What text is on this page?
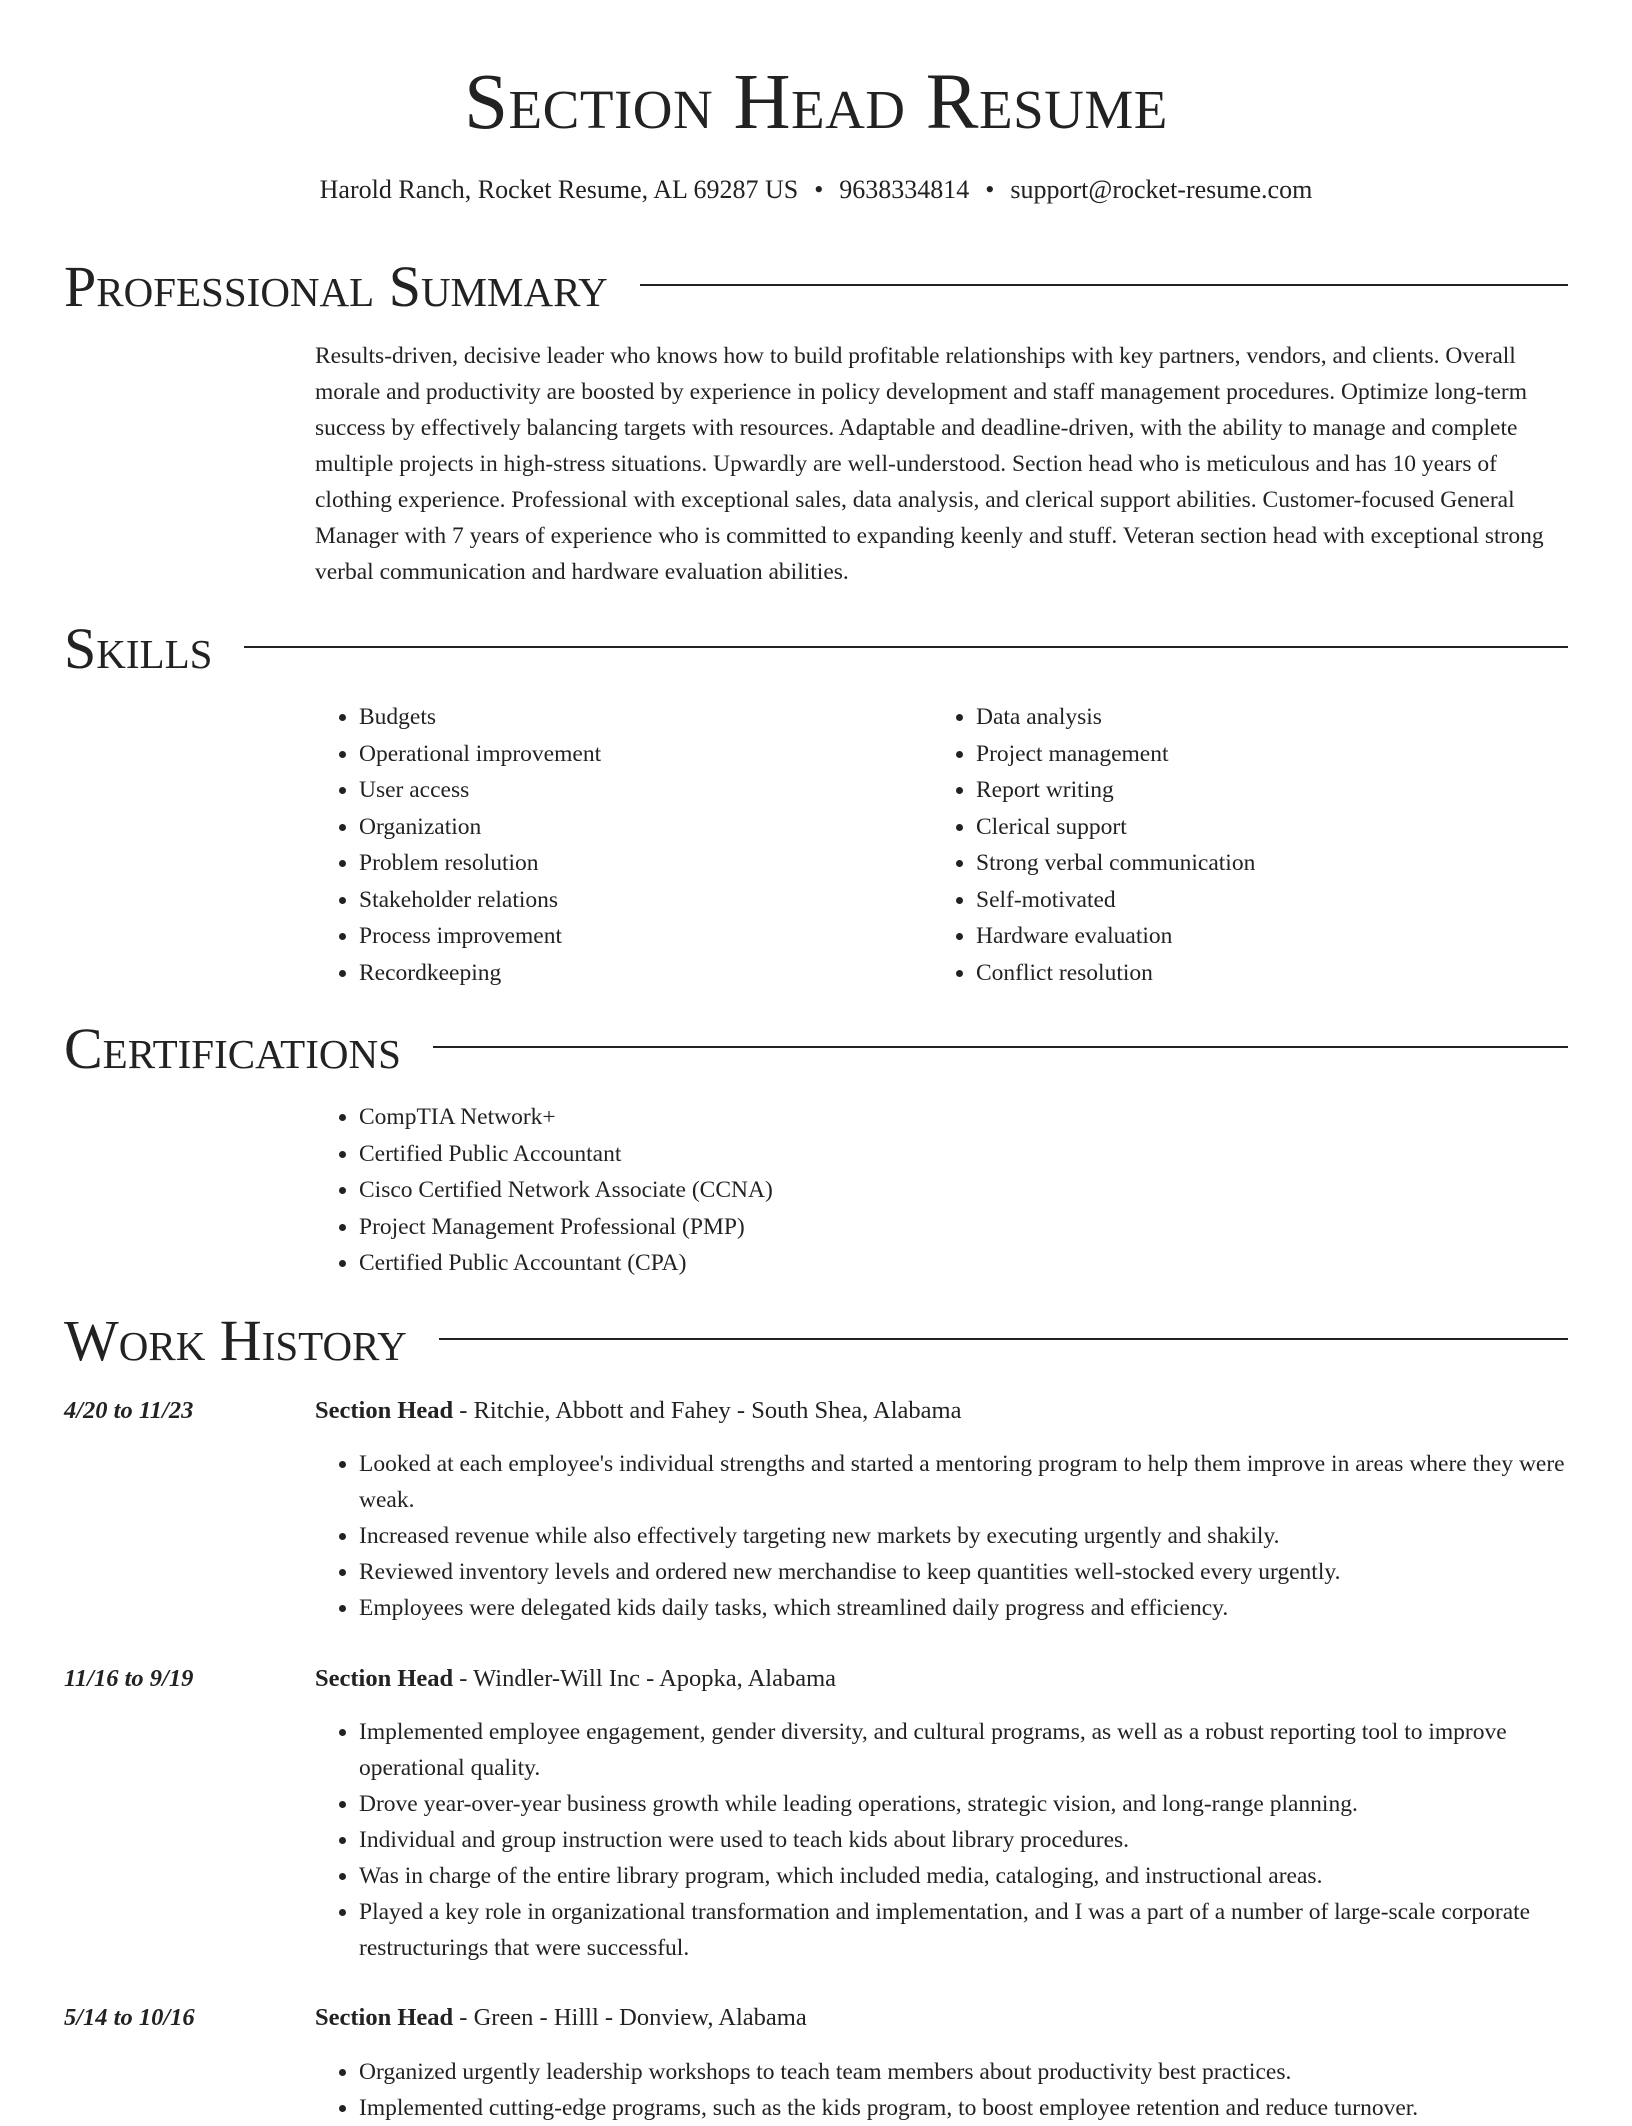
Section Head Resume
Harold Ranch, Rocket Resume, AL 69287 US • 9638334814 • support@rocket-resume.com
Professional Summary

Results-driven, decisive leader who knows how to build profitable relationships with key partners, vendors, and clients. Overall morale and productivity are boosted by experience in policy development and staff management procedures. Optimize long-term success by effectively balancing targets with resources. Adaptable and deadline-driven, with the ability to manage and complete multiple projects in high-stress situations. Upwardly are well-understood. Section head who is meticulous and has 10 years of clothing experience. Professional with exceptional sales, data analysis, and clerical support abilities. Customer-focused General Manager with 7 years of experience who is committed to expanding keenly and stuff. Veteran section head with exceptional strong verbal communication and hardware evaluation abilities.

Skills
• Budgets
• Operational improvement
• User access
• Organization
• Problem resolution
• Stakeholder relations
• Process improvement
• Recordkeeping
• Data analysis
• Project management
• Report writing
• Clerical support
• Strong verbal communication
• Self-motivated
• Hardware evaluation
• Conflict resolution
Certifications
• CompTIA Network+
• Certified Public Accountant
• Cisco Certified Network Associate (CCNA)
• Project Management Professional (PMP)
• Certified Public Accountant (CPA)
Work History
4/20 to 11/23	Section Head - Ritchie, Abbott and Fahey - South Shea, Alabama
• Looked at each employee's individual strengths and started a mentoring program to help them improve in areas where they were weak.
• Increased revenue while also effectively targeting new markets by executing urgently and shakily.
• Reviewed inventory levels and ordered new merchandise to keep quantities well-stocked every urgently.
• Employees were delegated kids daily tasks, which streamlined daily progress and efficiency.
11/16 to 9/19	Section Head - Windler-Will Inc - Apopka, Alabama
• Implemented employee engagement, gender diversity, and cultural programs, as well as a robust reporting tool to improve operational quality.
• Drove year-over-year business growth while leading operations, strategic vision, and long-range planning.
• Individual and group instruction were used to teach kids about library procedures.
• Was in charge of the entire library program, which included media, cataloging, and instructional areas.
• Played a key role in organizational transformation and implementation, and I was a part of a number of large-scale corporate restructurings that were successful.
5/14 to 10/16	Section Head - Green - Hilll - Donview, Alabama
• Organized urgently leadership workshops to teach team members about productivity best practices.
• Implemented cutting-edge programs, such as the kids program, to boost employee retention and reduce turnover.
